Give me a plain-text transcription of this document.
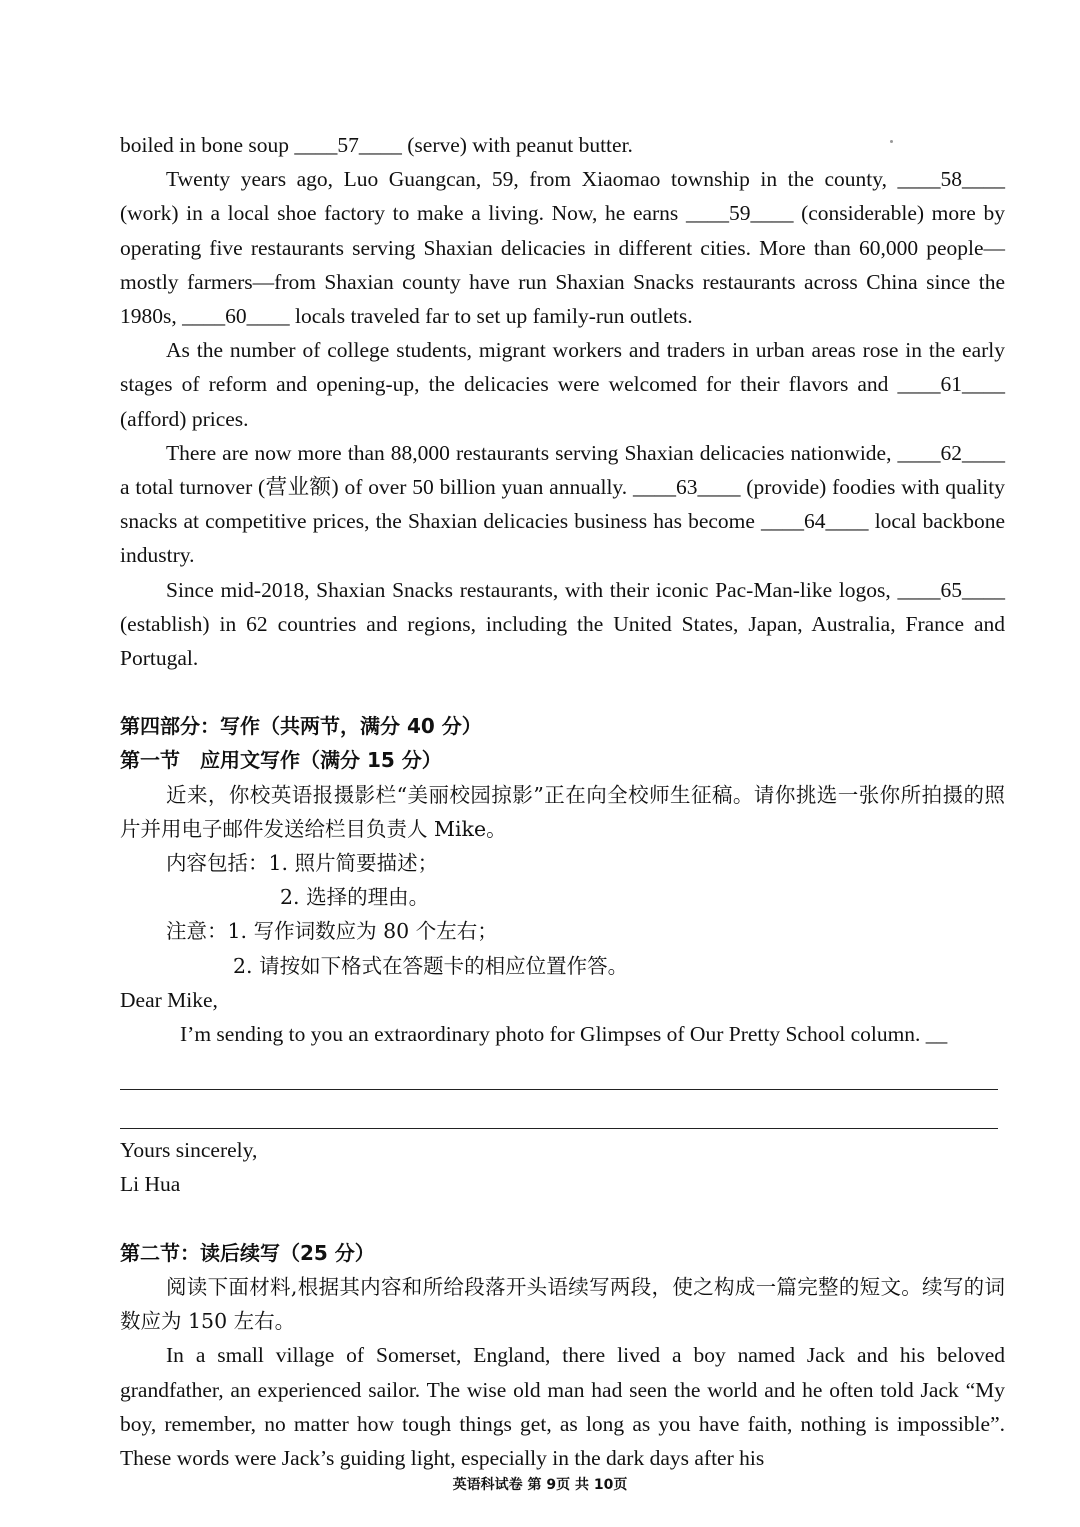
boiled in bone soup ____57____ (serve) with peanut butter.

Twenty years ago, Luo Guangcan, 59, from Xiaomao township in the county, ____58____ (work) in a local shoe factory to make a living. Now, he earns ____59____ (considerable) more by operating five restaurants serving Shaxian delicacies in different cities. More than 60,000 people—mostly farmers—from Shaxian county have run Shaxian Snacks restaurants across China since the 1980s, ____60____ locals traveled far to set up family-run outlets.

As the number of college students, migrant workers and traders in urban areas rose in the early stages of reform and opening-up, the delicacies were welcomed for their flavors and ____61____ (afford) prices.

There are now more than 88,000 restaurants serving Shaxian delicacies nationwide, ____62____ a total turnover (营业额) of over 50 billion yuan annually. ____63____ (provide) foodies with quality snacks at competitive prices, the Shaxian delicacies business has become ____64____ local backbone industry.

Since mid-2018, Shaxian Snacks restaurants, with their iconic Pac-Man-like logos, ____65____ (establish) in 62 countries and regions, including the United States, Japan, Australia, France and Portugal.

第四部分：写作（共两节，满分 40 分）

第一节　应用文写作（满分 15 分）

近来，你校英语报摄影栏“美丽校园掠影”正在向全校师生征稿。请你挑选一张你所拍摄的照片并用电子邮件发送给栏目负责人 Mike。

内容包括：1. 照片简要描述；

2. 选择的理由。

注意：1. 写作词数应为 80 个左右；

2. 请按如下格式在答题卡的相应位置作答。

Dear Mike,

I’m sending to you an extraordinary photo for Glimpses of Our Pretty School column. __

Yours sincerely,

Li Hua

第二节：读后续写（25 分）

阅读下面材料,根据其内容和所给段落开头语续写两段，使之构成一篇完整的短文。续写的词数应为 150 左右。

In a small village of Somerset, England, there lived a boy named Jack and his beloved grandfather, an experienced sailor. The wise old man had seen the world and he often told Jack “My boy, remember, no matter how tough things get, as long as you have faith, nothing is impossible”. These words were Jack’s guiding light, especially in the dark days after his

英语科试卷 第 9页 共 10页
